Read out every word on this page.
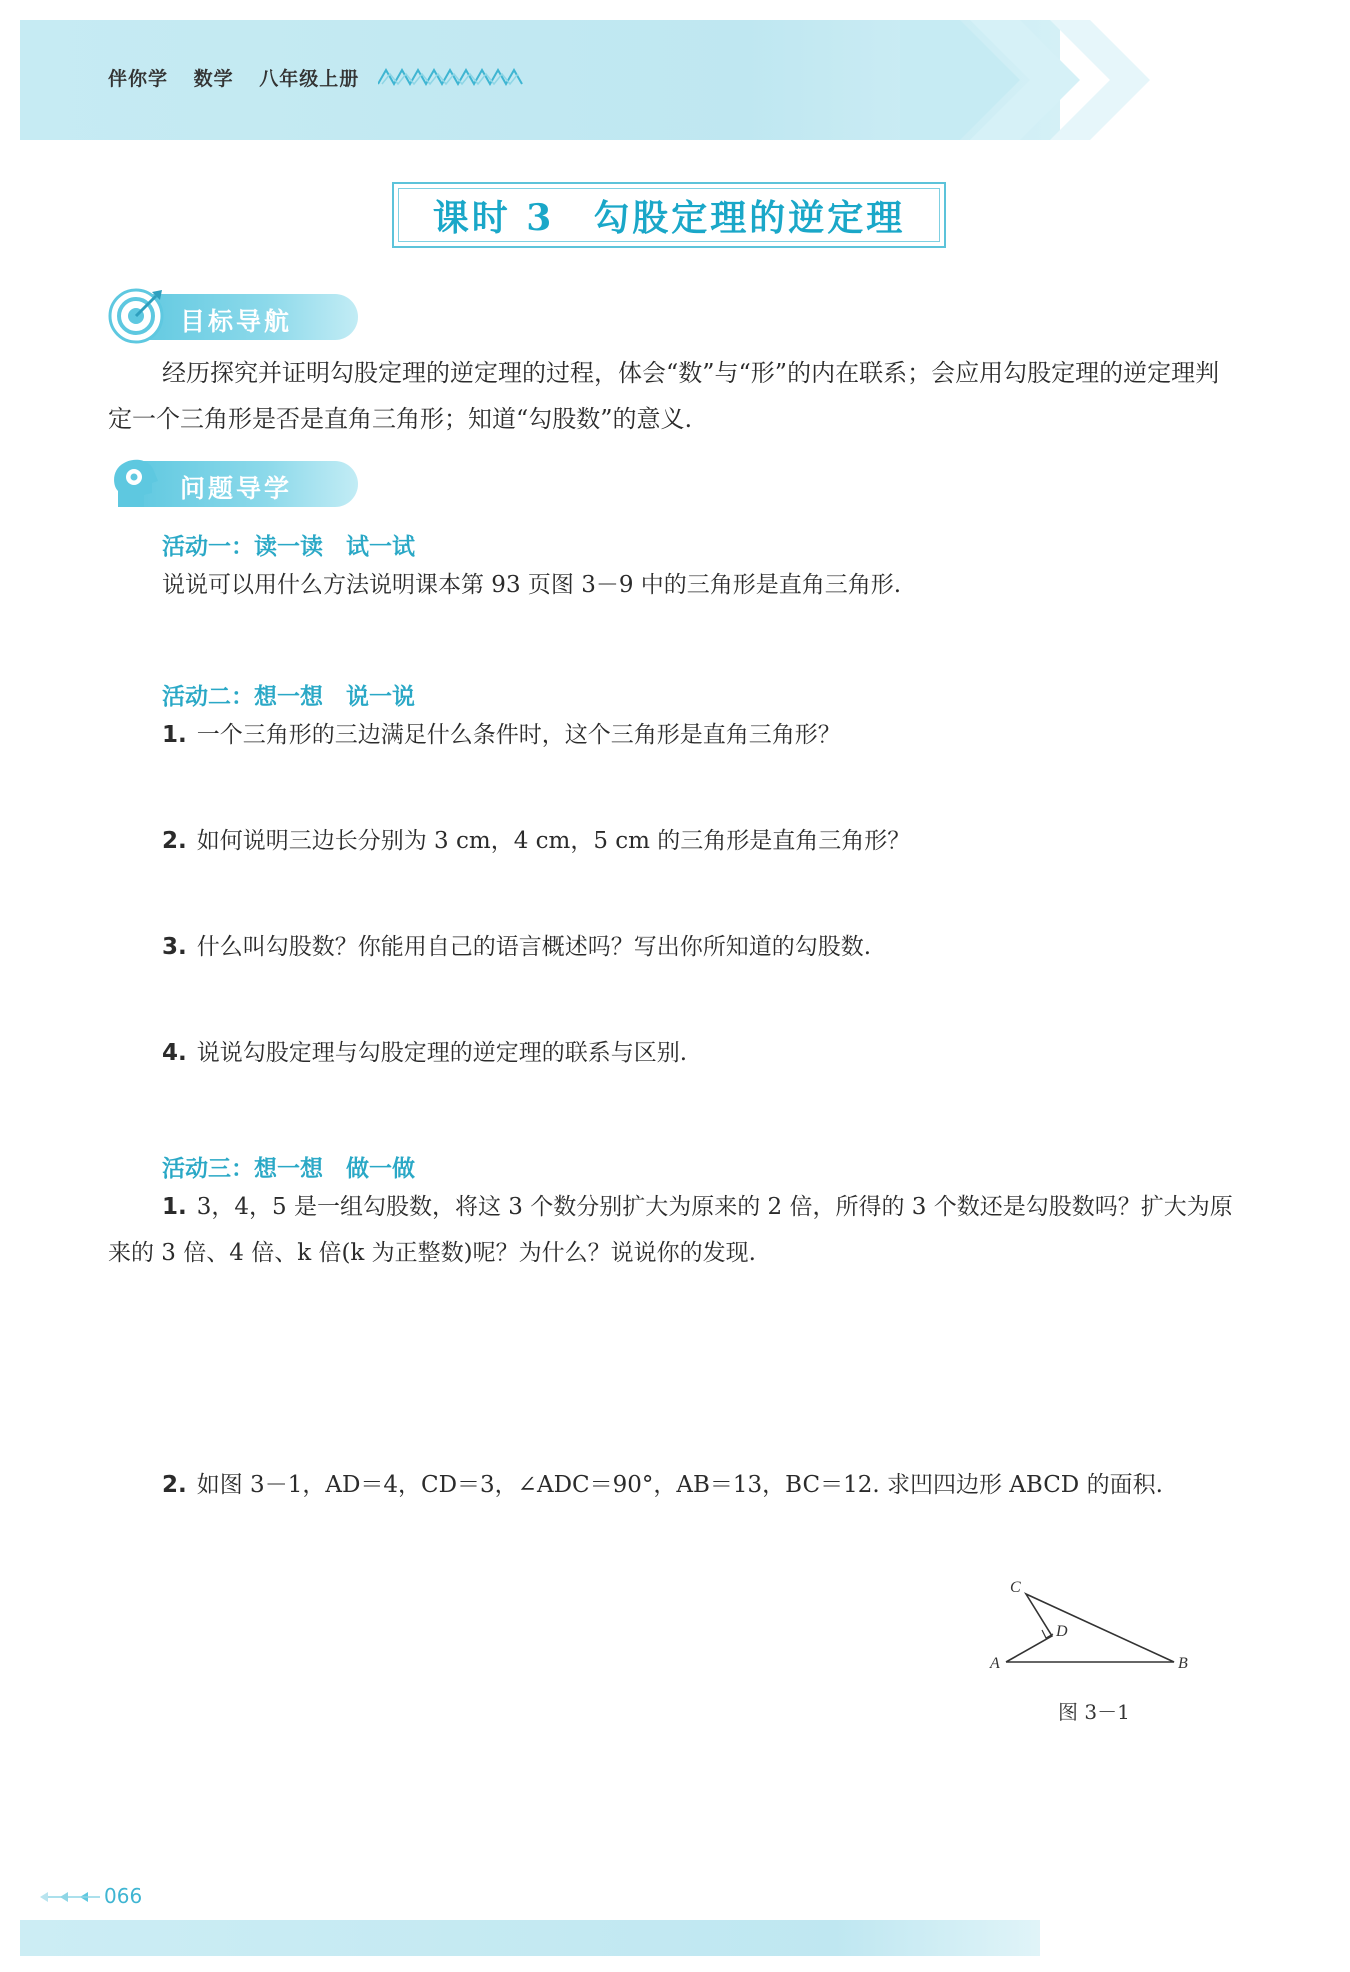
伴你学 数学 八年级上册
课时 3　勾股定理的逆定理
目标导航
经历探究并证明勾股定理的逆定理的过程，体会“数”与“形”的内在联系；会应用勾股定理的逆定理判定一个三角形是否是直角三角形；知道“勾股数”的意义.
问题导学
活动一：读一读　试一试
说说可以用什么方法说明课本第 93 页图 3－9 中的三角形是直角三角形.
活动二：想一想　说一说
1. 一个三角形的三边满足什么条件时，这个三角形是直角三角形？
2. 如何说明三边长分别为 3 cm，4 cm，5 cm 的三角形是直角三角形？
3. 什么叫勾股数？你能用自己的语言概述吗？写出你所知道的勾股数.
4. 说说勾股定理与勾股定理的逆定理的联系与区别.
活动三：想一想　做一做
1. 3，4，5 是一组勾股数，将这 3 个数分别扩大为原来的 2 倍，所得的 3 个数还是勾股数吗？扩大为原来的 3 倍、4 倍、k 倍(k 为正整数)呢？为什么？说说你的发现.
2. 如图 3－1，AD＝4，CD＝3，∠ADC＝90°，AB＝13，BC＝12. 求凹四边形 ABCD 的面积.
C
D
A	B
图 3－1
066
